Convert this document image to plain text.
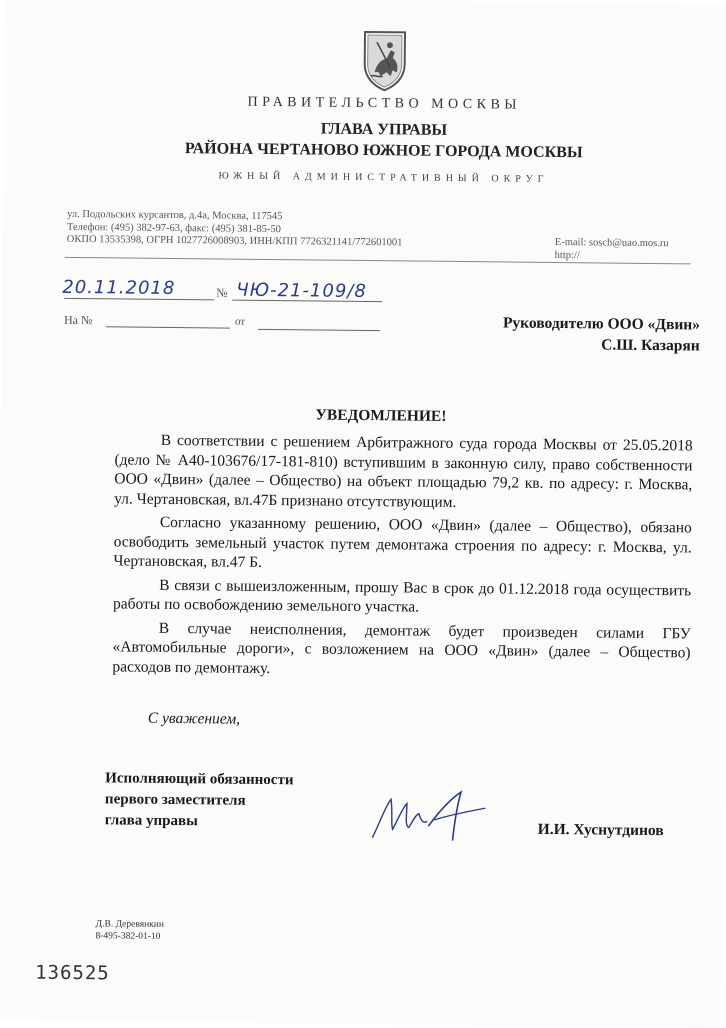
ПРАВИТЕЛЬСТВО МОСКВЫ
ГЛАВА УПРАВЫ
РАЙОНА ЧЕРТАНОВО ЮЖНОЕ ГОРОДА МОСКВЫ
ЮЖНЫЙ АДМИНИСТРАТИВНЫЙ ОКРУГ
ул. Подольских курсантов, д.4а, Москва, 117545
Телефон: (495) 382-97-63, факс: (495) 381-85-50
ОКПО 13535398, ОГРН 1027726008903, ИНН/КПП 7726321141/772601001	E-mail: sosch@uao.mos.ru
http://
20.11.2018	№ ЧЮ-21-109/8
На №	от	Руководителю ООО «Двин»
С.Ш. Казарян
УВЕДОМЛЕНИЕ!

В соответствии с решением Арбитражного суда города Москвы от 25.05.2018 (дело № А40-103676/17-181-810) вступившим в законную силу, право собственности ООО «Двин» (далее – Общество) на объект площадью 79,2 кв. по адресу: г. Москва, ул. Чертановская, вл.47Б признано отсутствующим.

Согласно указанному решению, ООО «Двин» (далее – Общество), обязано освободить земельный участок путем демонтажа строения по адресу: г. Москва, ул. Чертановская, вл.47 Б.

В связи с вышеизложенным, прошу Вас в срок до 01.12.2018 года осуществить работы по освобождению земельного участка.

В случае неисполнения, демонтаж будет произведен силами ГБУ «Автомобильные дороги», с возложением на ООО «Двин» (далее – Общество) расходов по демонтажу.

С уважением,
Исполняющий обязанности
первого заместителя
глава управы
И.И. Хуснутдинов
Д.В. Деревянкин
8-495-382-01-10
136525
